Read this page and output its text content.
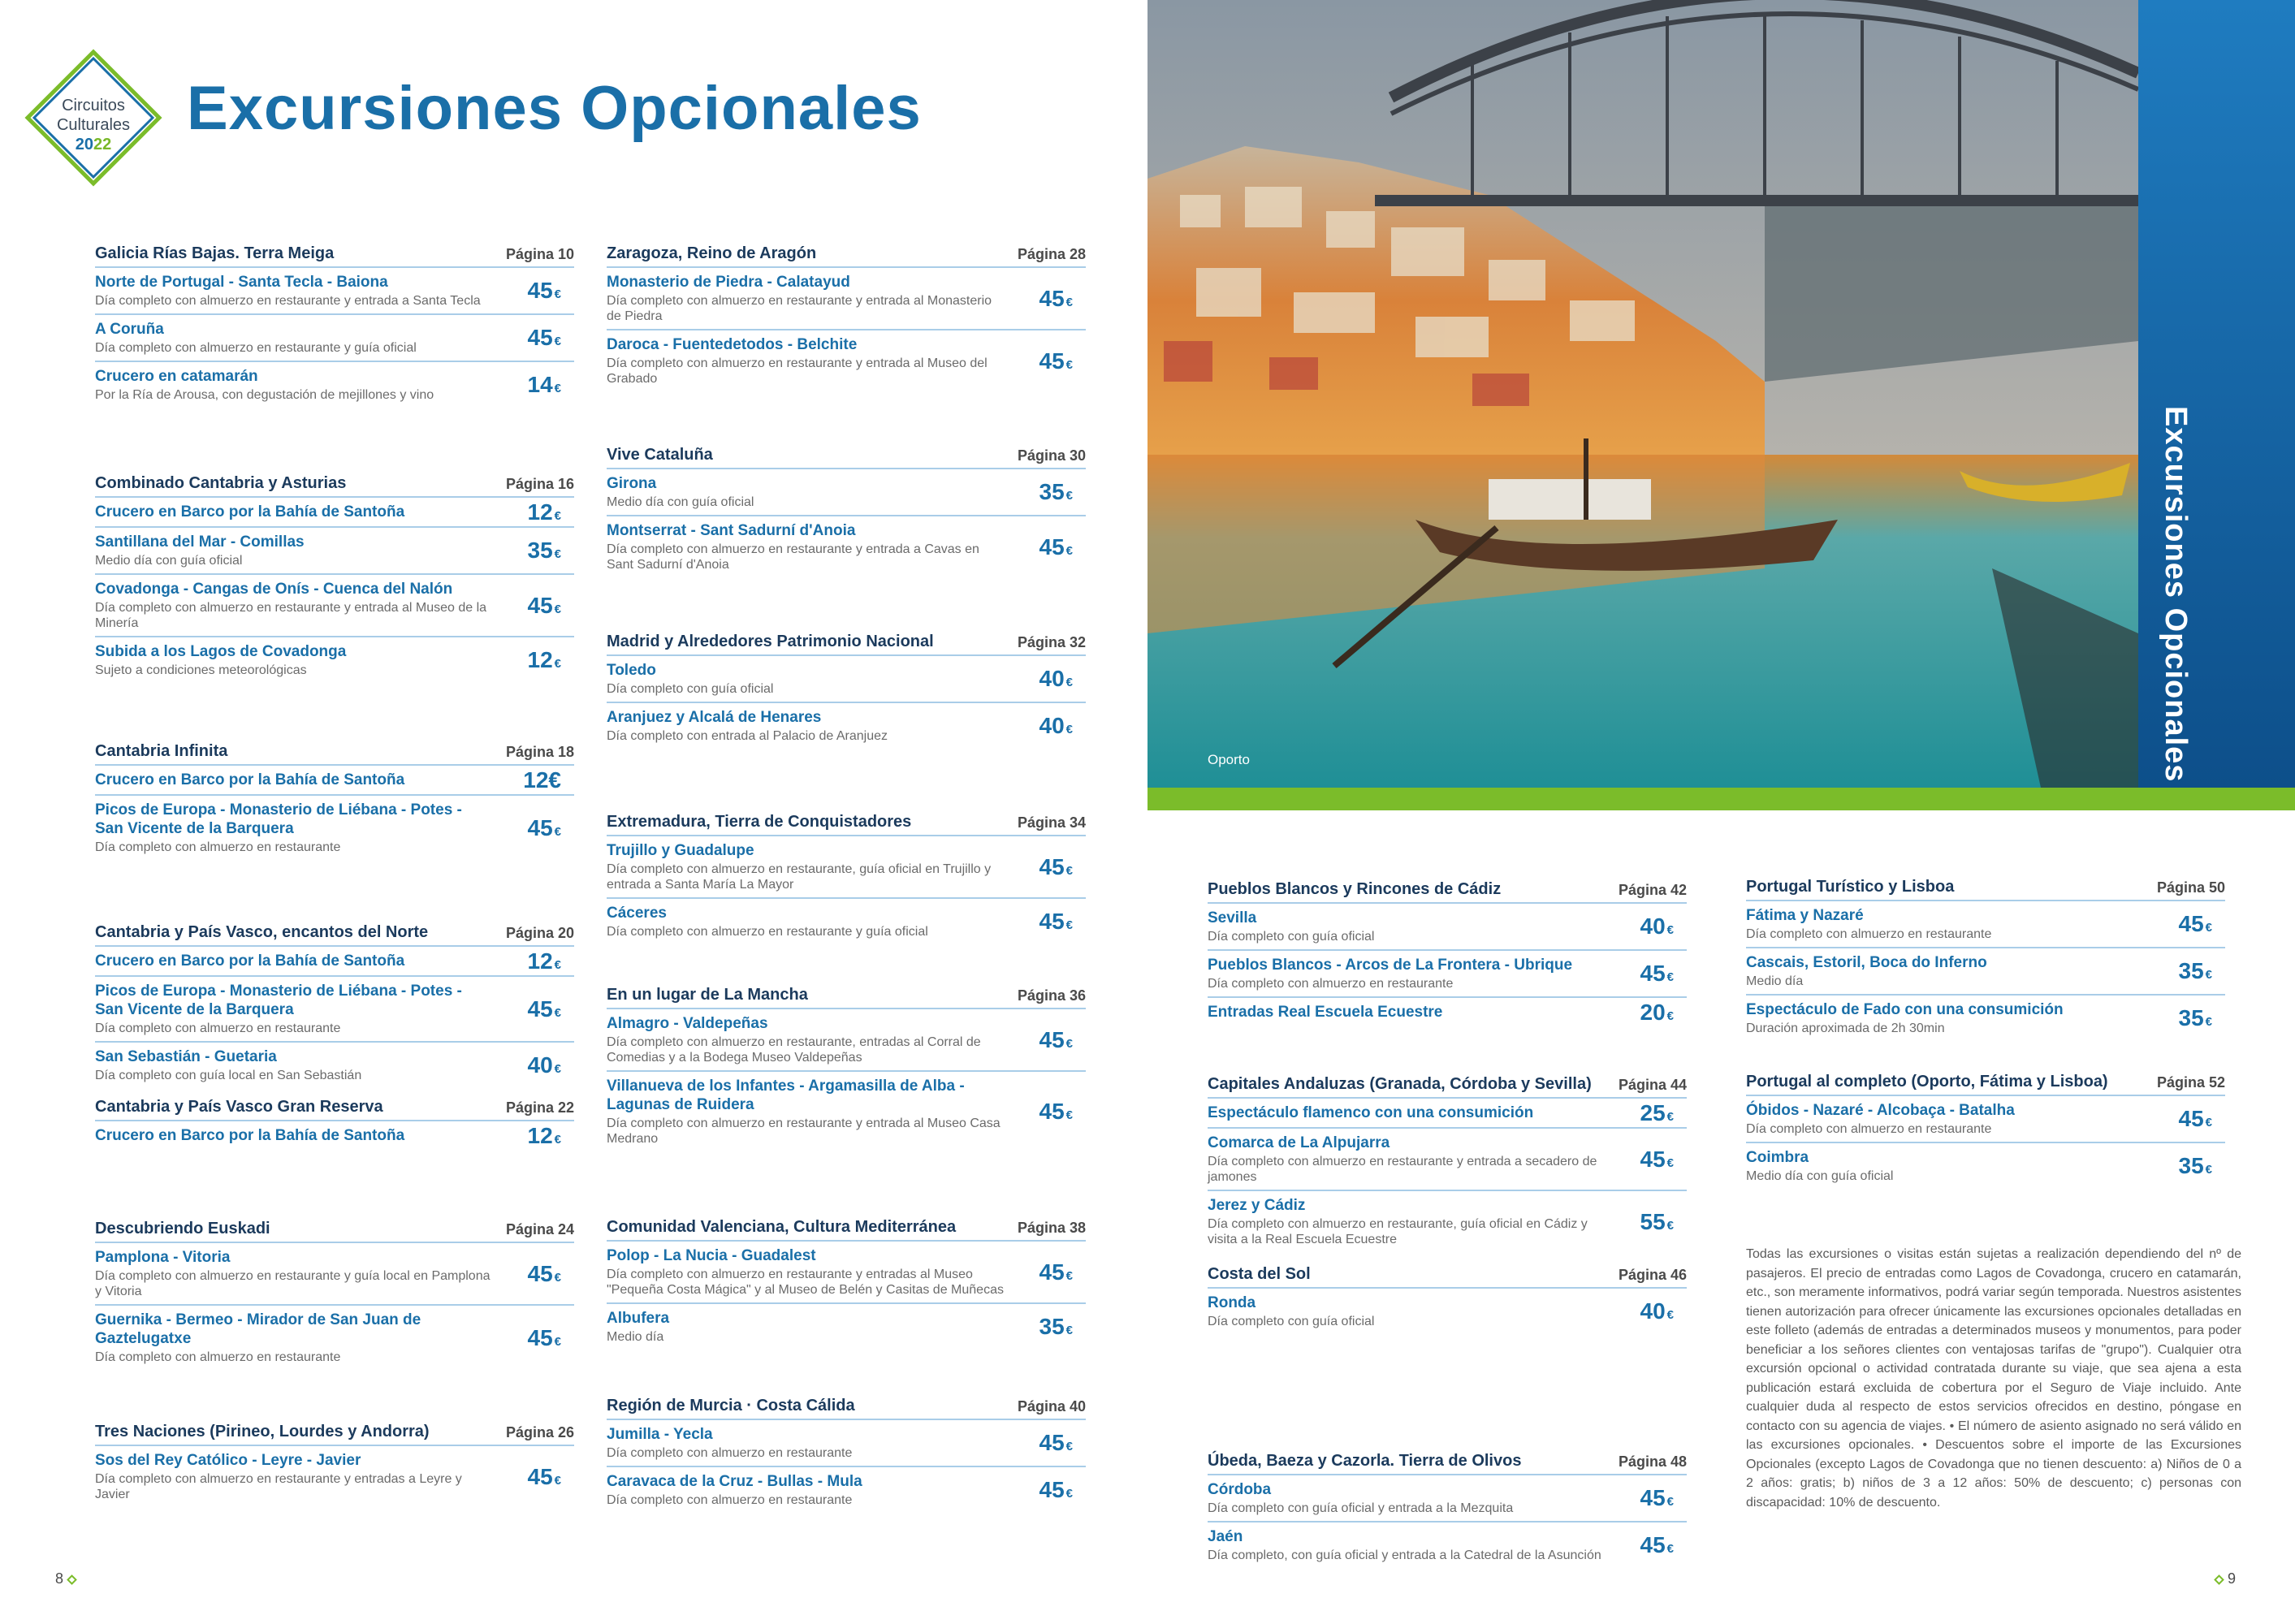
Circuitos
Culturales
2022
Excursiones Opcionales
Galicia Rías Bajas. Terra Meiga	Página 10
Norte de Portugal - Santa Tecla - Baiona
Día completo con almuerzo en restaurante y entrada a Santa Tecla	45 €
A Coruña
Día completo con almuerzo en restaurante y guía oficial	45 €
Crucero en catamarán
Por la Ría de Arousa, con degustación de mejillones y vino	14 €
Combinado Cantabria y Asturias	Página 16
Crucero en Barco por la Bahía de Santoña	12 €
Santillana del Mar - Comillas
Medio día con guía oficial	35 €
Covadonga - Cangas de Onís - Cuenca del Nalón
Día completo con almuerzo en restaurante y entrada al Museo de la Minería
45 €
Subida a los Lagos de Covadonga
Sujeto a condiciones meteorológicas	12 €
Cantabria Infinita	Página 18
Crucero en Barco por la Bahía de Santoña	12€
Picos de Europa - Monasterio de Liébana - Potes - San Vicente de la Barquera
Día completo con almuerzo en restaurante
45 €
Cantabria y País Vasco, encantos del Norte	Página 20
Crucero en Barco por la Bahía de Santoña	12 €
Picos de Europa - Monasterio de Liébana - Potes - San Vicente de la Barquera
Día completo con almuerzo en restaurante
45 €
San Sebastián - Guetaria
Día completo con guía local en San Sebastián	40 €
Cantabria y País Vasco Gran Reserva	Página 22
Crucero en Barco por la Bahía de Santoña	12 €
Descubriendo Euskadi	Página 24
Pamplona - Vitoria
Día completo con almuerzo en restaurante y guía local en Pamplona y Vitoria
45 €
Guernika - Bermeo - Mirador de San Juan de Gaztelugatxe
Día completo con almuerzo en restaurante
45 €
Tres Naciones (Pirineo, Lourdes y Andorra)	Página 26
Sos del Rey Católico - Leyre - Javier
Día completo con almuerzo en restaurante y entradas a Leyre y Javier
45 €
Zaragoza, Reino de Aragón	Página 28
Monasterio de Piedra - Calatayud
Día completo con almuerzo en restaurante y entrada al Monasterio de Piedra
45 €
Daroca - Fuentedetodos - Belchite
Día completo con almuerzo en restaurante y entrada al Museo del Grabado
45 €
Vive Cataluña	Página 30
Girona
Medio día con guía oficial	35 €
Montserrat - Sant Sadurní d'Anoia
Día completo con almuerzo en restaurante y entrada a Cavas en Sant Sadurní d'Anoia
45 €
Madrid y Alrededores Patrimonio Nacional	Página 32
Toledo
Día completo con guía oficial	40 €
Aranjuez y Alcalá de Henares
Día completo con entrada al Palacio de Aranjuez	40 €
Extremadura, Tierra de Conquistadores	Página 34
Trujillo y Guadalupe
Día completo con almuerzo en restaurante, guía oficial en Trujillo y entrada a Santa María La Mayor
45 €
Cáceres
Día completo con almuerzo en restaurante y guía oficial	45 €
En un lugar de La Mancha	Página 36
Almagro - Valdepeñas
Día completo con almuerzo en restaurante, entradas al Corral de Comedias y a la Bodega Museo Valdepeñas
45 €
Villanueva de los Infantes - Argamasilla de Alba - Lagunas de Ruidera
Día completo con almuerzo en restaurante y entrada al Museo Casa Medrano
45 €
Comunidad Valenciana, Cultura Mediterránea	Página 38
Polop - La Nucia - Guadalest
Día completo con almuerzo en restaurante y entradas al Museo "Pequeña Costa Mágica" y al Museo de Belén y Casitas de Muñecas
45 €
Albufera
Medio día	35 €
Región de Murcia · Costa Cálida	Página 40
Jumilla - Yecla
Día completo con almuerzo en restaurante	45 €
Caravaca de la Cruz - Bullas - Mula
Día completo con almuerzo en restaurante	45 €
Pueblos Blancos y Rincones de Cádiz	Página 42
Sevilla
Día completo con guía oficial	40 €
Pueblos Blancos - Arcos de La Frontera - Ubrique
Día completo con almuerzo en restaurante	45 €
Entradas Real Escuela Ecuestre	20 €
Capitales Andaluzas (Granada, Córdoba y Sevilla) Página 44
Espectáculo flamenco con una consumición	25 €
Comarca de La Alpujarra
Día completo con almuerzo en restaurante y entrada a secadero de jamones
45 €
Jerez y Cádiz
Día completo con almuerzo en restaurante, guía oficial en Cádiz y visita a la Real Escuela Ecuestre
55 €
Costa del Sol	Página 46
Ronda
Día completo con guía oficial	40 €
Úbeda, Baeza y Cazorla. Tierra de Olivos	Página 48
Córdoba
Día completo con guía oficial y entrada a la Mezquita	45 €
Jaén
Día completo, con guía oficial y entrada a la Catedral de la Asunción 45 €
Portugal Turístico y Lisboa	Página 50
Fátima y Nazaré
Día completo con almuerzo en restaurante	45 €
Cascais, Estoril, Boca do Inferno
Medio día	35 €
Espectáculo de Fado con una consumición
Duración aproximada de 2h 30min	35 €
Portugal al completo (Oporto, Fátima y Lisboa)	Página 52
Óbidos - Nazaré - Alcobaça - Batalha
Día completo con almuerzo en restaurante	45 €
Coimbra
Medio día con guía oficial	35 €
Oporto	Excursiones Opcionales
Todas las excursiones o visitas están sujetas a realización dependiendo del nº de pasajeros. El precio de entradas como Lagos de Covadonga, crucero en catamarán, etc., son meramente informativos, podrá variar según temporada. Nuestros asistentes tienen autorización para ofrecer únicamente las excursiones opcionales detalladas en este folleto (además de entradas a determinados museos y monumentos, para poder beneficiar a los señores clientes con ventajosas tarifas de "grupo"). Cualquier otra excursión opcional o actividad contratada durante su viaje, que sea ajena a esta publicación estará excluida de cobertura por el Seguro de Viaje incluido. Ante cualquier duda al respecto de estos servicios ofrecidos en destino, póngase en contacto con su agencia de viajes. • El número de asiento asignado no será válido en las excursiones opcionales. • Descuentos sobre el importe de las Excursiones Opcionales (excepto Lagos de Covadonga que no tienen descuento: a) Niños de 0 a 2 años: gratis; b) niños de 3 a 12 años: 50% de descuento; c) personas con discapacidad: 10% de descuento.
8	9
